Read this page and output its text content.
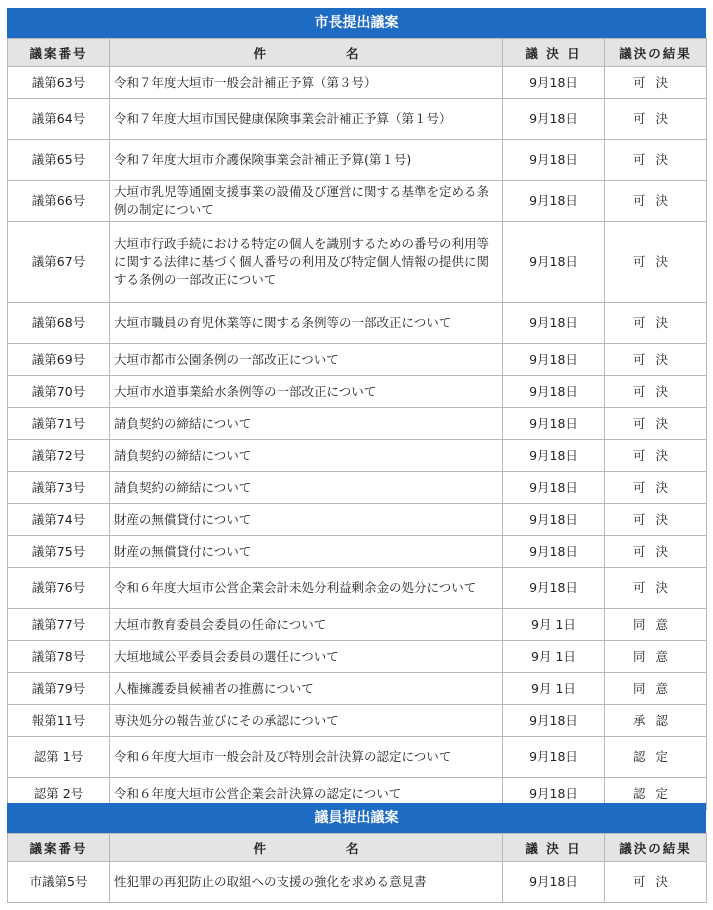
市長提出議案
議案番号	件 名	議 決 日	議決の結果
議第63号	令和７年度大垣市一般会計補正予算（第３号）	9月18日	可決
議第64号	令和７年度大垣市国民健康保険事業会計補正予算（第１号）	9月18日	可決
議第65号	令和７年度大垣市介護保険事業会計補正予算(第１号)	9月18日	可決
議第66号	大垣市乳児等通園支援事業の設備及び運営に関する基準を定める条例の制定について	9月18日	可決
議第67号	大垣市行政手続における特定の個人を識別するための番号の利用等に関する法律に基づく個人番号の利用及び特定個人情報の提供に関する条例の一部改正について	9月18日	可決
議第68号	大垣市職員の育児休業等に関する条例等の一部改正について	9月18日	可決
議第69号	大垣市都市公園条例の一部改正について	9月18日	可決
議第70号	大垣市水道事業給水条例等の一部改正について	9月18日	可決
議第71号	請負契約の締結について	9月18日	可決
議第72号	請負契約の締結について	9月18日	可決
議第73号	請負契約の締結について	9月18日	可決
議第74号	財産の無償貸付について	9月18日	可決
議第75号	財産の無償貸付について	9月18日	可決
議第76号	令和６年度大垣市公営企業会計未処分利益剰余金の処分について	9月18日	可決
議第77号	大垣市教育委員会委員の任命について	9月 1日	同意
議第78号	大垣地域公平委員会委員の選任について	9月 1日	同意
議第79号	人権擁護委員候補者の推薦について	9月 1日	同意
報第11号	専決処分の報告並びにその承認について	9月18日	承認
認第 1号	令和６年度大垣市一般会計及び特別会計決算の認定について	9月18日	認定
認第 2号	令和６年度大垣市公営企業会計決算の認定について	9月18日	認定
議員提出議案
議案番号	件 名	議 決 日	議決の結果
市議第5号	性犯罪の再犯防止の取組への支援の強化を求める意見書	9月18日	可決
